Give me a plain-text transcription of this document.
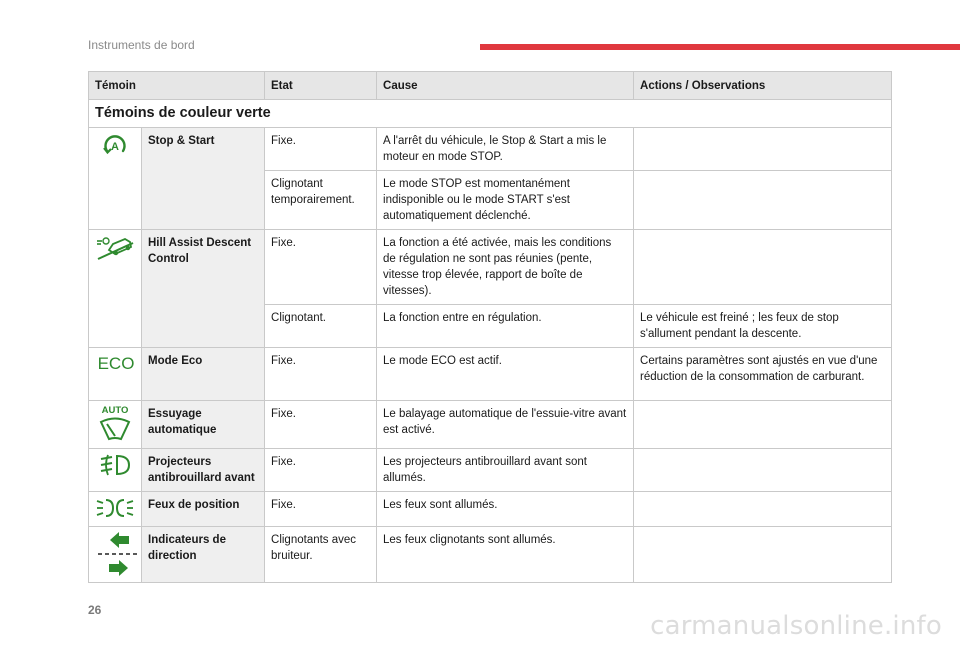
Instruments de bord
Témoin		Etat	Cause	Actions / Observations
Témoins de couleur verte				

A	Stop & Start	Fixe.	A l'arrêt du véhicule, le Stop & Start a mis le moteur en mode STOP.	
		Clignotant temporairement.	Le mode STOP est momentanément indisponible ou le mode START s'est automatiquement déclenché.	

	Hill Assist Descent Control	Fixe.	La fonction a été activée, mais les conditions de régulation ne sont pas réunies (pente, vitesse trop élevée, rapport de boîte de vitesses).	
		Clignotant.	La fonction entre en régulation.	Le véhicule est freiné ; les feux de stop s'allument pendant la descente.

ECO	Mode Eco	Fixe.	Le mode ECO est actif.	Certains paramètres sont ajustés en vue d'une réduction de la consommation de carburant.

AUTO	Essuyage automatique	Fixe.	Le balayage automatique de l'essuie-vitre avant est activé.	

	Projecteurs antibrouillard avant	Fixe.	Les projecteurs antibrouillard avant sont allumés.	

	Feux de position	Fixe.	Les feux sont allumés.	

	Indicateurs de direction	Clignotants avec bruiteur.	Les feux clignotants sont allumés.	
26
carmanualsonline.info
